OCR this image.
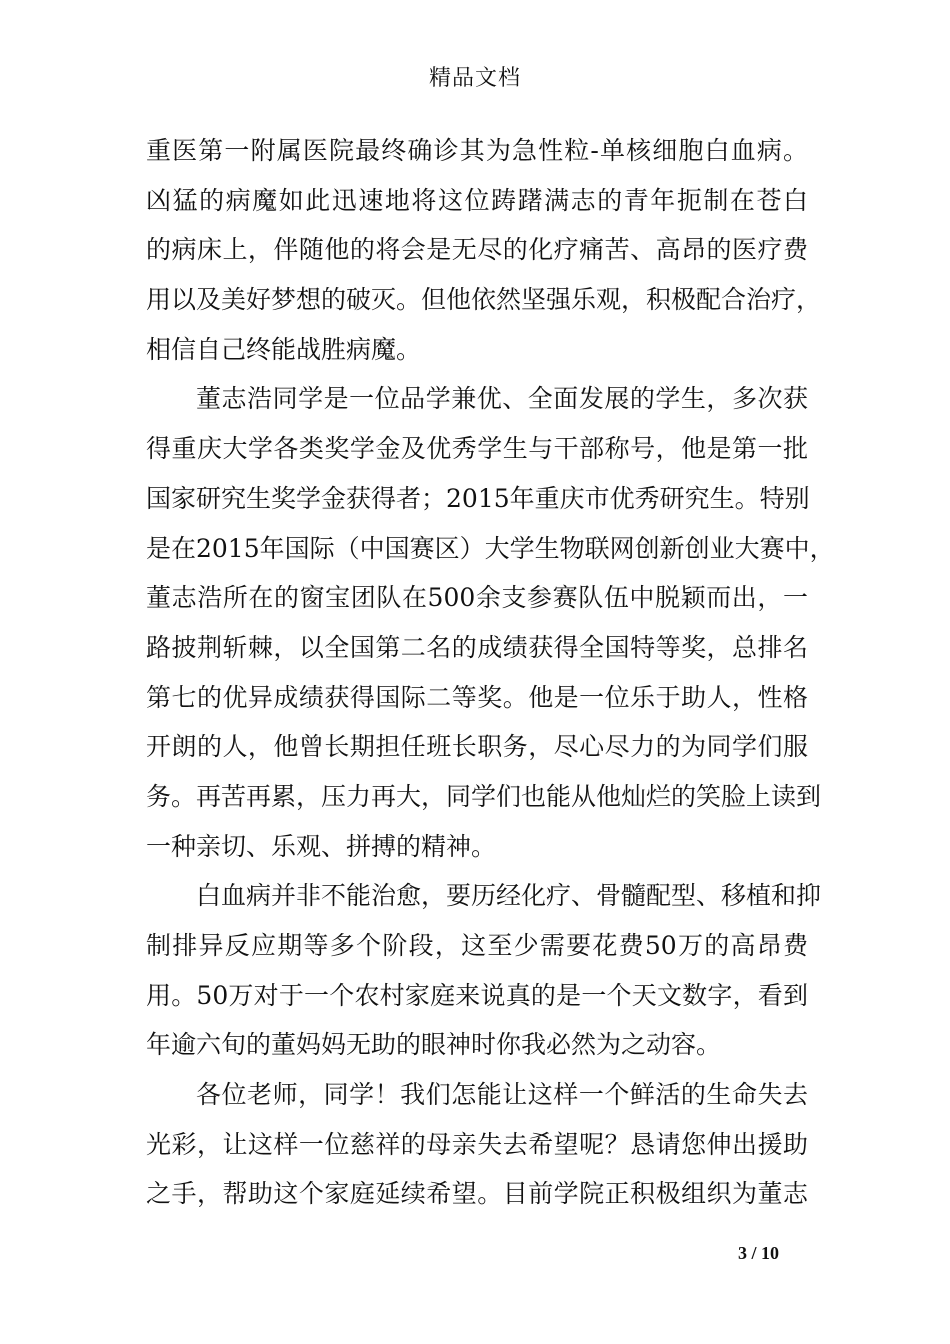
精品文档
重医第一附属医院最终确诊其为急性粒-单核细胞白血病。
凶猛的病魔如此迅速地将这位踌躇满志的青年扼制在苍白
的病床上，伴随他的将会是无尽的化疗痛苦、高昂的医疗费
用以及美好梦想的破灭。但他依然坚强乐观，积极配合治疗，
相信自己终能战胜病魔。
董志浩同学是一位品学兼优、全面发展的学生，多次获
得重庆大学各类奖学金及优秀学生与干部称号，他是第一批
国家研究生奖学金获得者；2015年重庆市优秀研究生。特别
是在2015年国际（中国赛区）大学生物联网创新创业大赛中，
董志浩所在的窗宝团队在500余支参赛队伍中脱颖而出，一
路披荆斩棘，以全国第二名的成绩获得全国特等奖，总排名
第七的优异成绩获得国际二等奖。他是一位乐于助人，性格
开朗的人，他曾长期担任班长职务，尽心尽力的为同学们服
务。再苦再累，压力再大，同学们也能从他灿烂的笑脸上读到
一种亲切、乐观、拼搏的精神。
白血病并非不能治愈，要历经化疗、骨髓配型、移植和抑
制排异反应期等多个阶段，这至少需要花费50万的高昂费
用。50万对于一个农村家庭来说真的是一个天文数字，看到
年逾六旬的董妈妈无助的眼神时你我必然为之动容。
各位老师，同学！我们怎能让这样一个鲜活的生命失去
光彩，让这样一位慈祥的母亲失去希望呢？恳请您伸出援助
之手，帮助这个家庭延续希望。目前学院正积极组织为董志
3 / 10
